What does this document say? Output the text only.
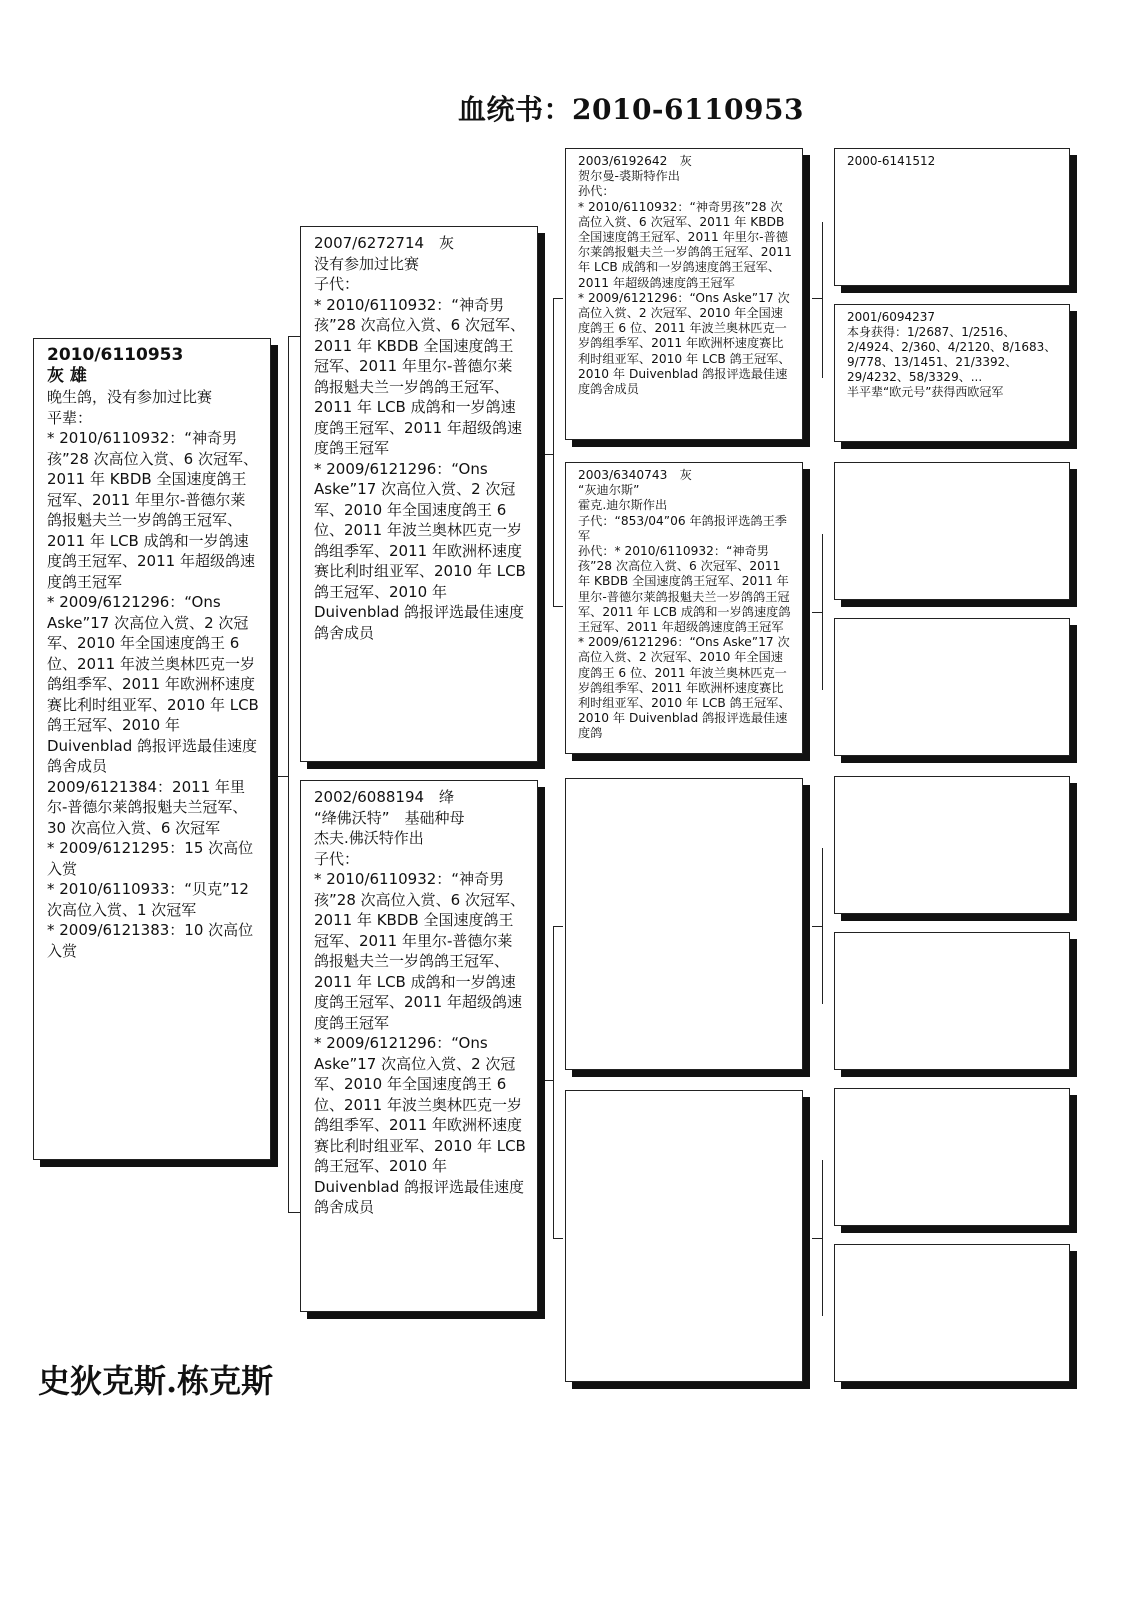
血统书：2010-6110953
2010/6110953
灰 雄
晚生鸽，没有参加过比赛
平辈：
* 2010/6110932：“神奇男孩”28 次高位入赏、6 次冠军、2011 年 KBDB 全国速度鸽王冠军、2011 年里尔-普德尔莱鸽报魁夫兰一岁鸽鸽王冠军、2011 年 LCB 成鸽和一岁鸽速度鸽王冠军、2011 年超级鸽速度鸽王冠军
* 2009/6121296：“Ons Aske”17 次高位入赏、2 次冠军、2010 年全国速度鸽王 6 位、2011 年波兰奥林匹克一岁鸽组季军、2011 年欧洲杯速度赛比利时组亚军、2010 年 LCB 鸽王冠军、2010 年 Duivenblad 鸽报评选最佳速度鸽舍成员
2009/6121384：2011 年里尔-普德尔莱鸽报魁夫兰冠军、30 次高位入赏、6 次冠军
* 2009/6121295：15 次高位入赏
* 2010/6110933：“贝克”12 次高位入赏、1 次冠军
* 2009/6121383：10 次高位入赏
2007/6272714　灰
没有参加过比赛
子代：
* 2010/6110932：“神奇男孩”28 次高位入赏、6 次冠军、2011 年 KBDB 全国速度鸽王冠军、2011 年里尔-普德尔莱鸽报魁夫兰一岁鸽鸽王冠军、2011 年 LCB 成鸽和一岁鸽速度鸽王冠军、2011 年超级鸽速度鸽王冠军
* 2009/6121296：“Ons Aske”17 次高位入赏、2 次冠军、2010 年全国速度鸽王 6 位、2011 年波兰奥林匹克一岁鸽组季军、2011 年欧洲杯速度赛比利时组亚军、2010 年 LCB 鸽王冠军、2010 年 Duivenblad 鸽报评选最佳速度鸽舍成员
2002/6088194　绛
“绛佛沃特”　基础种母
杰夫.佛沃特作出
子代：
* 2010/6110932：“神奇男孩”28 次高位入赏、6 次冠军、2011 年 KBDB 全国速度鸽王冠军、2011 年里尔-普德尔莱鸽报魁夫兰一岁鸽鸽王冠军、2011 年 LCB 成鸽和一岁鸽速度鸽王冠军、2011 年超级鸽速度鸽王冠军
* 2009/6121296：“Ons Aske”17 次高位入赏、2 次冠军、2010 年全国速度鸽王 6 位、2011 年波兰奥林匹克一岁鸽组季军、2011 年欧洲杯速度赛比利时组亚军、2010 年 LCB 鸽王冠军、2010 年 Duivenblad 鸽报评选最佳速度鸽舍成员
2003/6192642　灰
贺尔曼-裘斯特作出
孙代：
* 2010/6110932：“神奇男孩”28 次高位入赏、6 次冠军、2011 年 KBDB 全国速度鸽王冠军、2011 年里尔-普德尔莱鸽报魁夫兰一岁鸽鸽王冠军、2011 年 LCB 成鸽和一岁鸽速度鸽王冠军、2011 年超级鸽速度鸽王冠军
* 2009/6121296：“Ons Aske”17 次高位入赏、2 次冠军、2010 年全国速度鸽王 6 位、2011 年波兰奥林匹克一岁鸽组季军、2011 年欧洲杯速度赛比利时组亚军、2010 年 LCB 鸽王冠军、2010 年 Duivenblad 鸽报评选最佳速度鸽舍成员
2003/6340743　灰
“灰迪尔斯”
霍克.迪尔斯作出
子代：“853/04”06 年鸽报评选鸽王季军
孙代：* 2010/6110932：“神奇男孩”28 次高位入赏、6 次冠军、2011 年 KBDB 全国速度鸽王冠军、2011 年里尔-普德尔莱鸽报魁夫兰一岁鸽鸽王冠军、2011 年 LCB 成鸽和一岁鸽速度鸽王冠军、2011 年超级鸽速度鸽王冠军
* 2009/6121296：“Ons Aske”17 次高位入赏、2 次冠军、2010 年全国速度鸽王 6 位、2011 年波兰奥林匹克一岁鸽组季军、2011 年欧洲杯速度赛比利时组亚军、2010 年 LCB 鸽王冠军、2010 年 Duivenblad 鸽报评选最佳速度鸽
2000-6141512
2001/6094237
本身获得：1/2687、1/2516、2/4924、2/360、4/2120、8/1683、9/778、13/1451、21/3392、29/4232、58/3329、...
半平辈“欧元号”获得西欧冠军
史狄克斯.栋克斯
